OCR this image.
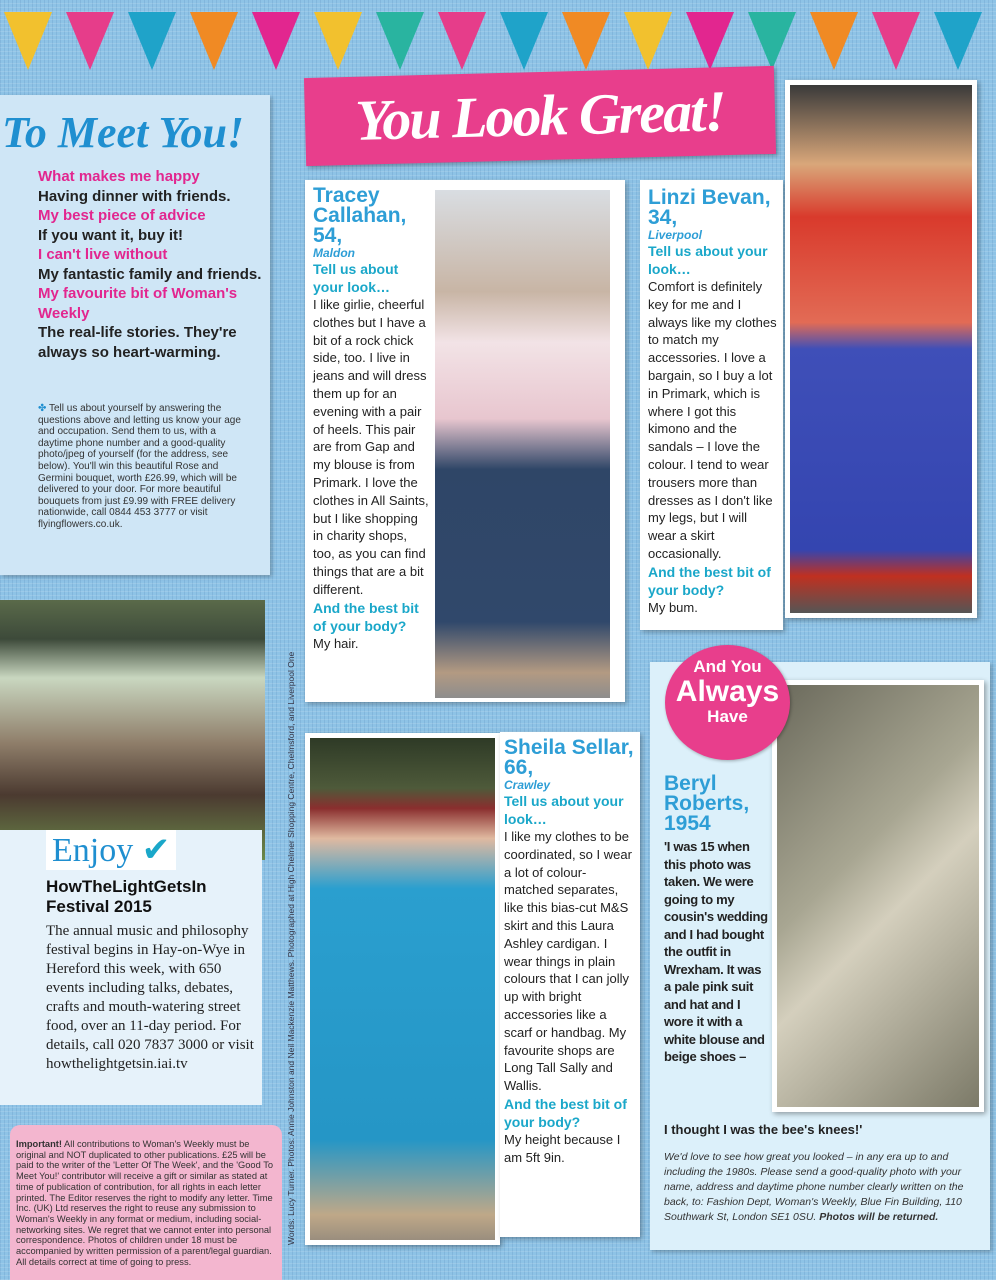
To Meet You!
What makes me happy
Having dinner with friends.
My best piece of advice
If you want it, buy it!
I can't live without
My fantastic family and friends.
My favourite bit of Woman's Weekly
The real-life stories. They're always so heart-warming.
✤ Tell us about yourself by answering the questions above and letting us know your age and occupation. Send them to us, with a daytime phone number and a good-quality photo/jpeg of yourself (for the address, see below). You'll win this beautiful Rose and Germini bouquet, worth £26.99, which will be delivered to your door. For more beautiful bouquets from just £9.99 with FREE delivery nationwide, call 0844 453 3777 or visit flyingflowers.co.uk.
Enjoy ✔
HowTheLightGetsIn Festival 2015
The annual music and philosophy festival begins in Hay-on-Wye in Hereford this week, with 650 events including talks, debates, crafts and mouth-watering street food, over an 11-day period. For details, call 020 7837 3000 or visit howthelightgetsin.iai.tv
Important! All contributions to Woman's Weekly must be original and NOT duplicated to other publications. £25 will be paid to the writer of the 'Letter Of The Week', and the 'Good To Meet You!' contributor will receive a gift or similar as stated at time of publication of contribution, for all rights in each letter printed. The Editor reserves the right to modify any letter. Time Inc. (UK) Ltd reserves the right to reuse any submission to Woman's Weekly in any format or medium, including social-networking sites. We regret that we cannot enter into personal correspondence. Photos of children under 18 must be accompanied by written permission of a parent/legal guardian. All details correct at time of going to press.
Words: Lucy Turner. Photos: Annie Johnston and Neil Mackenzie Matthews. Photographed at High Chelmer Shopping Centre, Chelmsford, and Liverpool One
You Look Great!
Tracey Callahan, 54,
Maldon
Tell us about your look…
I like girlie, cheerful clothes but I have a bit of a rock chick side, too. I live in jeans and will dress them up for an evening with a pair of heels. This pair are from Gap and my blouse is from Primark. I love the clothes in All Saints, but I like shopping in charity shops, too, as you can find things that are a bit different.
And the best bit of your body?
My hair.
Linzi Bevan, 34,
Liverpool
Tell us about your look…
Comfort is definitely key for me and I always like my clothes to match my accessories. I love a bargain, so I buy a lot in Primark, which is where I got this kimono and the sandals – I love the colour. I tend to wear trousers more than dresses as I don't like my legs, but I will wear a skirt occasionally.
And the best bit of your body?
My bum.
Sheila Sellar, 66,
Crawley
Tell us about your look…
I like my clothes to be coordinated, so I wear a lot of colour-matched separates, like this bias-cut M&S skirt and this Laura Ashley cardigan. I wear things in plain colours that I can jolly up with bright accessories like a scarf or handbag. My favourite shops are Long Tall Sally and Wallis.
And the best bit of your body?
My height because I am 5ft 9in.
Beryl Roberts, 1954
'I was 15 when this photo was taken. We were going to my cousin's wedding and I had bought the outfit in Wrexham. It was a pale pink suit and hat and I wore it with a white blouse and beige shoes –
I thought I was the bee's knees!'
We'd love to see how great you looked – in any era up to and including the 1980s. Please send a good-quality photo with your name, address and daytime phone number clearly written on the back, to: Fashion Dept, Woman's Weekly, Blue Fin Building, 110 Southwark St, London SE1 0SU. Photos will be returned.
And You
Always
Have
